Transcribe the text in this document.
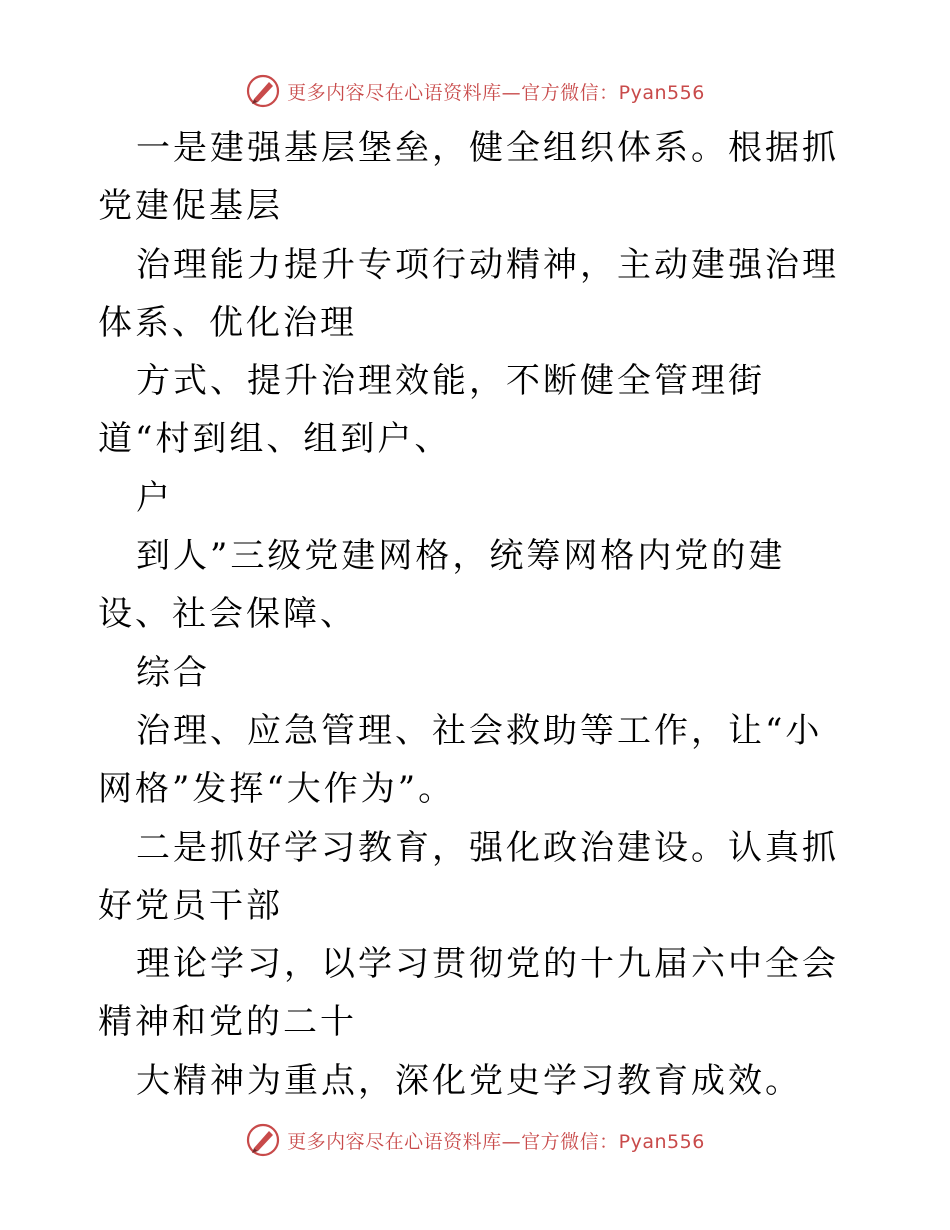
更多内容尽在心语资料库—官方微信：Pyan556

一是建强基层堡垒，健全组织体系。根据抓党建促基层

治理能力提升专项行动精神，主动建强治理体系、优化治理

方式、提升治理效能，不断健全管理街道“村到组、组到户、

户

到人”三级党建网格，统筹网格内党的建设、社会保障、

综合

治理、应急管理、社会救助等工作，让“小网格”发挥“大作为”。

二是抓好学习教育，强化政治建设。认真抓好党员干部

理论学习，以学习贯彻党的十九届六中全会精神和党的二十

大精神为重点，深化党史学习教育成效。

更多内容尽在心语资料库—官方微信：Pyan556
